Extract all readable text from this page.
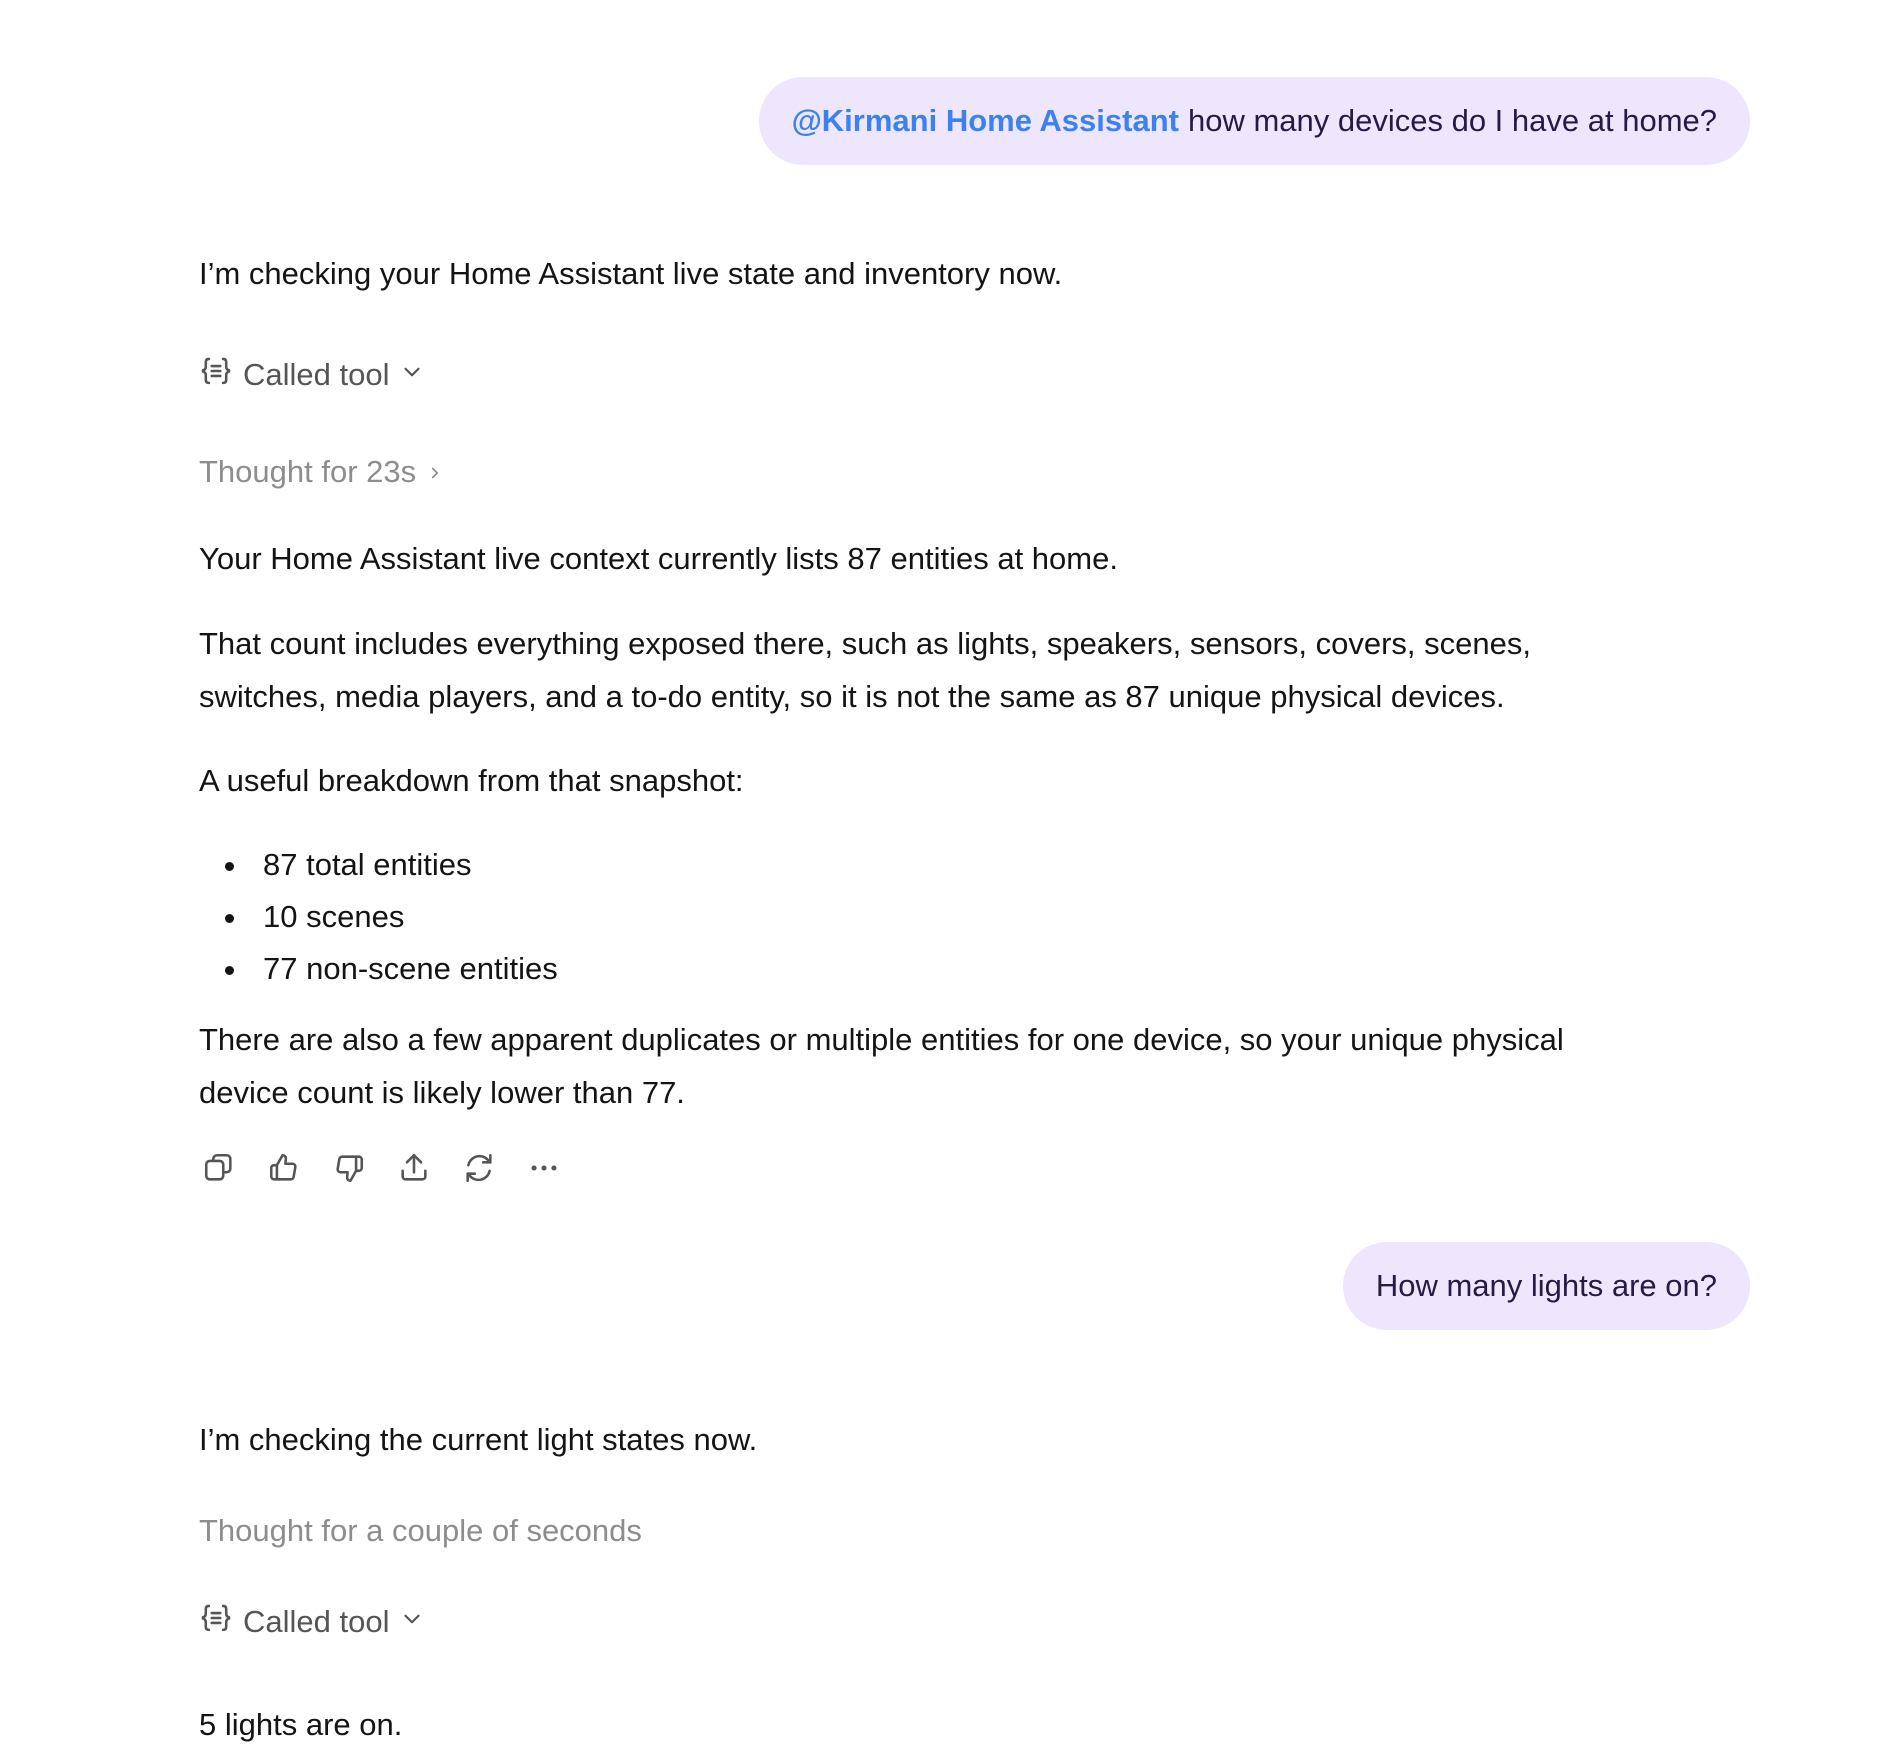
@Kirmani Home Assistant how many devices do I have at home?
I’m checking your Home Assistant live state and inventory now.
Called tool
Thought for 23s
Your Home Assistant live context currently lists 87 entities at home.
That count includes everything exposed there, such as lights, speakers, sensors, covers, scenes,
switches, media players, and a to-do entity, so it is not the same as 87 unique physical devices.
A useful breakdown from that snapshot:
87 total entities
10 scenes
77 non-scene entities
There are also a few apparent duplicates or multiple entities for one device, so your unique physical
device count is likely lower than 77.
How many lights are on?
I’m checking the current light states now.
Thought for a couple of seconds
Called tool
5 lights are on.
